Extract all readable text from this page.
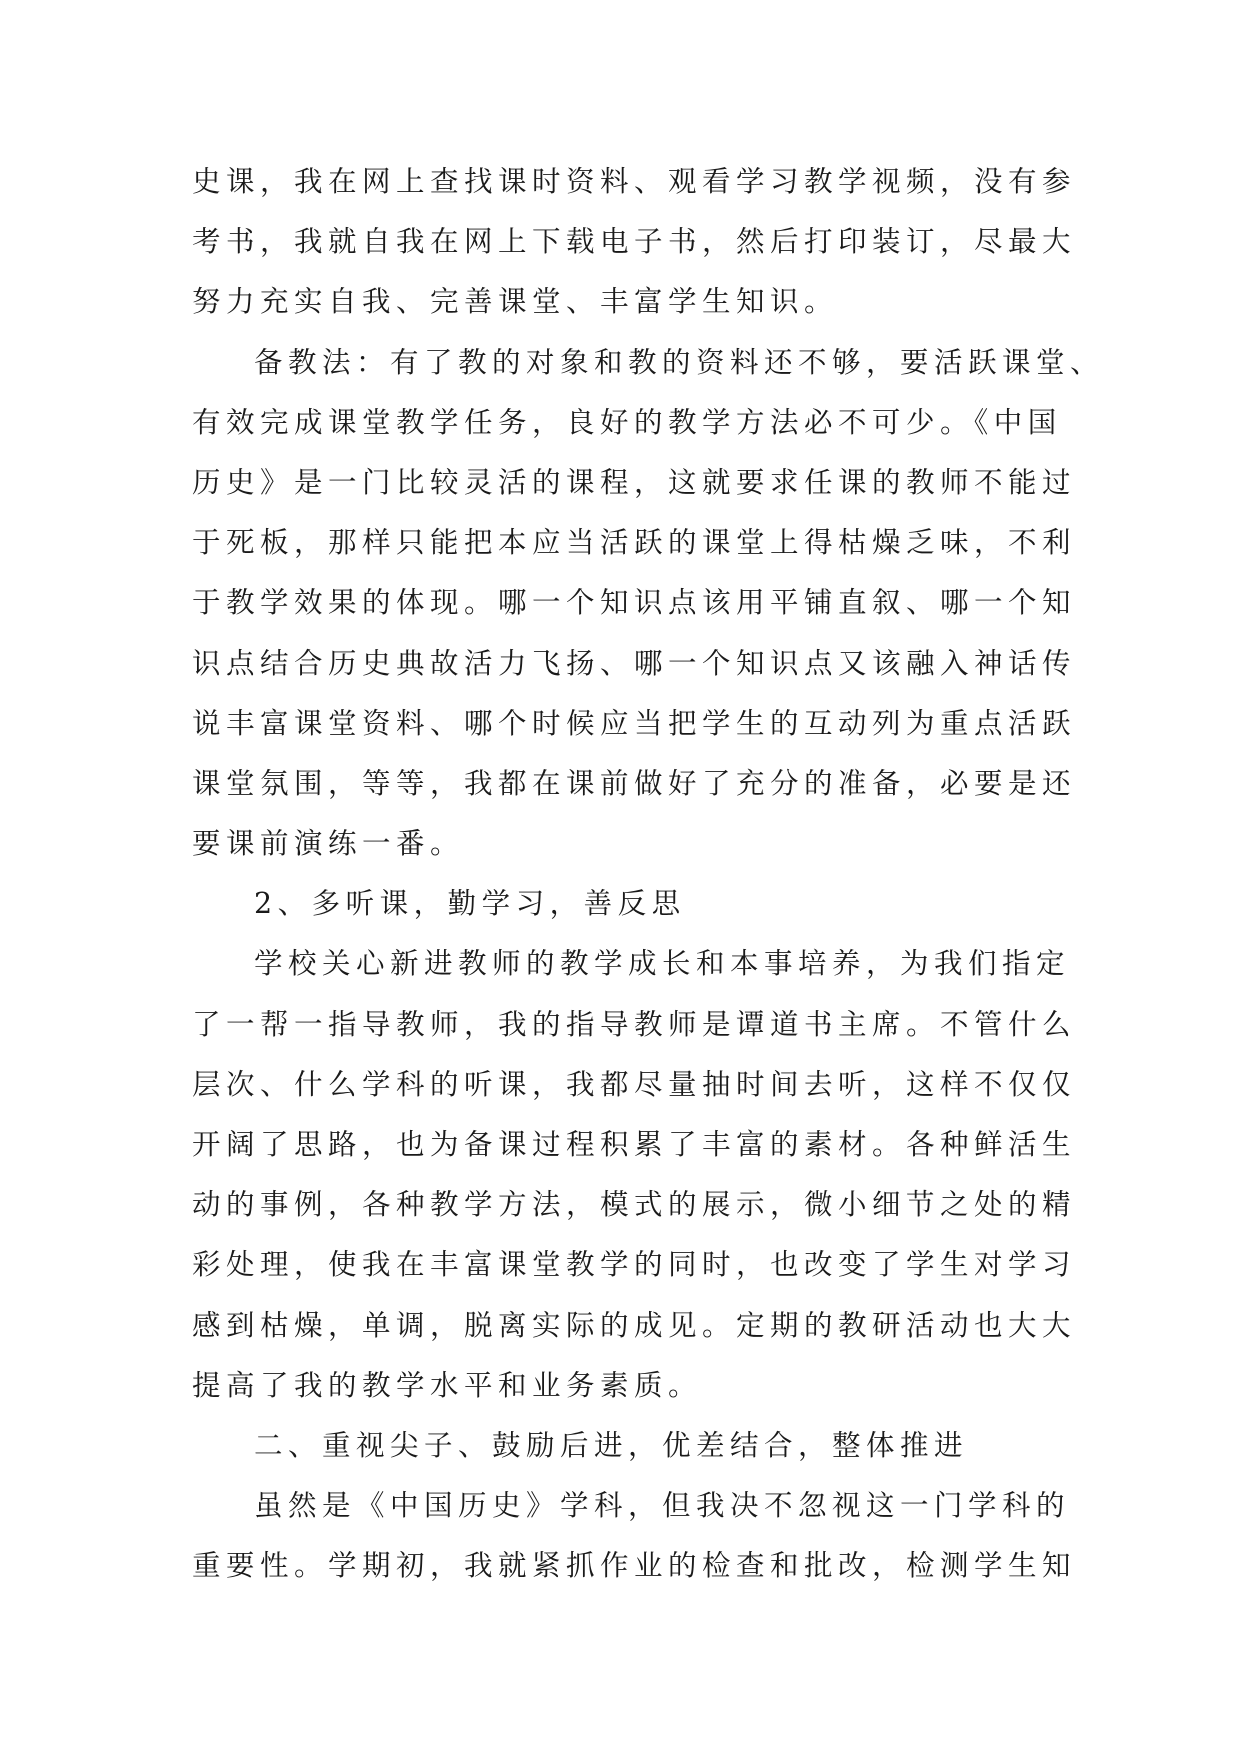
史课，我在网上查找课时资料、观看学习教学视频，没有参
考书，我就自我在网上下载电子书，然后打印装订，尽最大
努力充实自我、完善课堂、丰富学生知识。
备教法：有了教的对象和教的资料还不够，要活跃课堂、
有效完成课堂教学任务，良好的教学方法必不可少。《中国
历史》是一门比较灵活的课程，这就要求任课的教师不能过
于死板，那样只能把本应当活跃的课堂上得枯燥乏味，不利
于教学效果的体现。哪一个知识点该用平铺直叙、哪一个知
识点结合历史典故活力飞扬、哪一个知识点又该融入神话传
说丰富课堂资料、哪个时候应当把学生的互动列为重点活跃
课堂氛围，等等，我都在课前做好了充分的准备，必要是还
要课前演练一番。
2、多听课，勤学习，善反思
学校关心新进教师的教学成长和本事培养，为我们指定
了一帮一指导教师，我的指导教师是谭道书主席。不管什么
层次、什么学科的听课，我都尽量抽时间去听，这样不仅仅
开阔了思路，也为备课过程积累了丰富的素材。各种鲜活生
动的事例，各种教学方法，模式的展示，微小细节之处的精
彩处理，使我在丰富课堂教学的同时，也改变了学生对学习
感到枯燥，单调，脱离实际的成见。定期的教研活动也大大
提高了我的教学水平和业务素质。
二、重视尖子、鼓励后进，优差结合，整体推进
虽然是《中国历史》学科，但我决不忽视这一门学科的
重要性。学期初，我就紧抓作业的检查和批改，检测学生知
